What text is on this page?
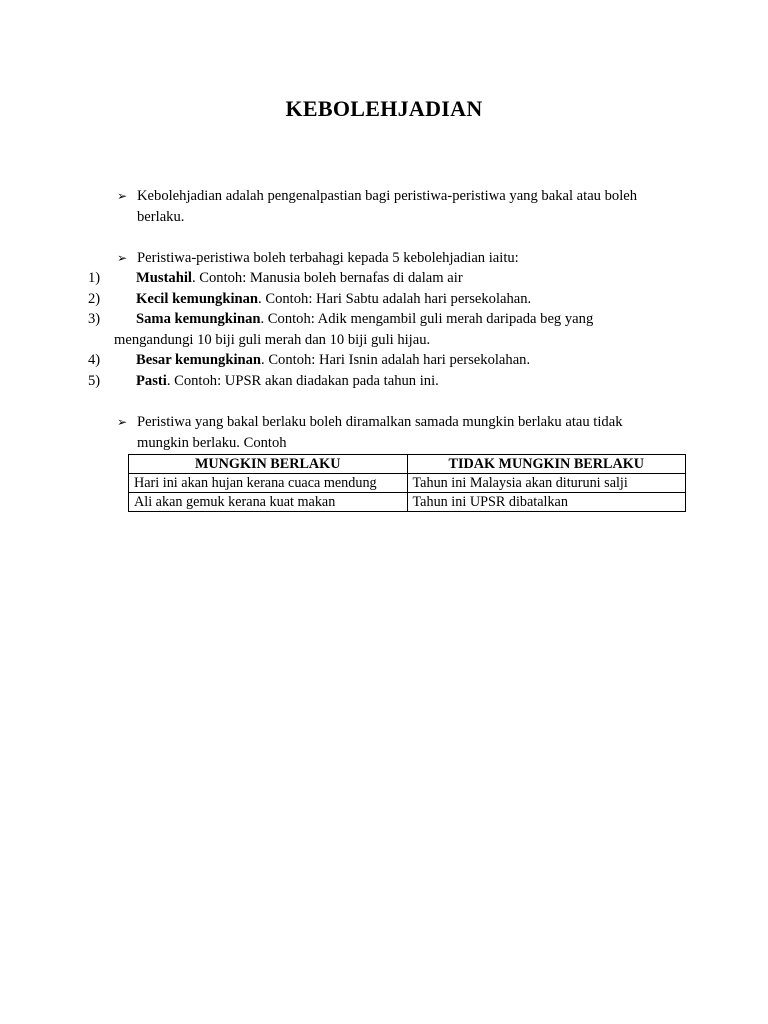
KEBOLEHJADIAN
➢ Kebolehjadian adalah pengenalpastian bagi peristiwa-peristiwa yang bakal atau boleh berlaku.
➢ Peristiwa-peristiwa boleh terbahagi kepada 5 kebolehjadian iaitu:
1) Mustahil. Contoh: Manusia boleh bernafas di dalam air
2) Kecil kemungkinan. Contoh: Hari Sabtu adalah hari persekolahan.
3)	Sama kemungkinan. Contoh: Adik mengambil guli merah daripada beg yang
mengandungi 10 biji guli merah dan 10 biji guli hijau.
4) Besar kemungkinan. Contoh: Hari Isnin adalah hari persekolahan.
5) Pasti. Contoh: UPSR akan diadakan pada tahun ini.
➢ Peristiwa yang bakal berlaku boleh diramalkan samada mungkin berlaku atau tidak mungkin berlaku. Contoh
MUNGKIN BERLAKU	TIDAK MUNGKIN BERLAKU
Hari ini akan hujan kerana cuaca mendung	Tahun ini Malaysia akan dituruni salji
Ali akan gemuk kerana kuat makan	Tahun ini UPSR dibatalkan
